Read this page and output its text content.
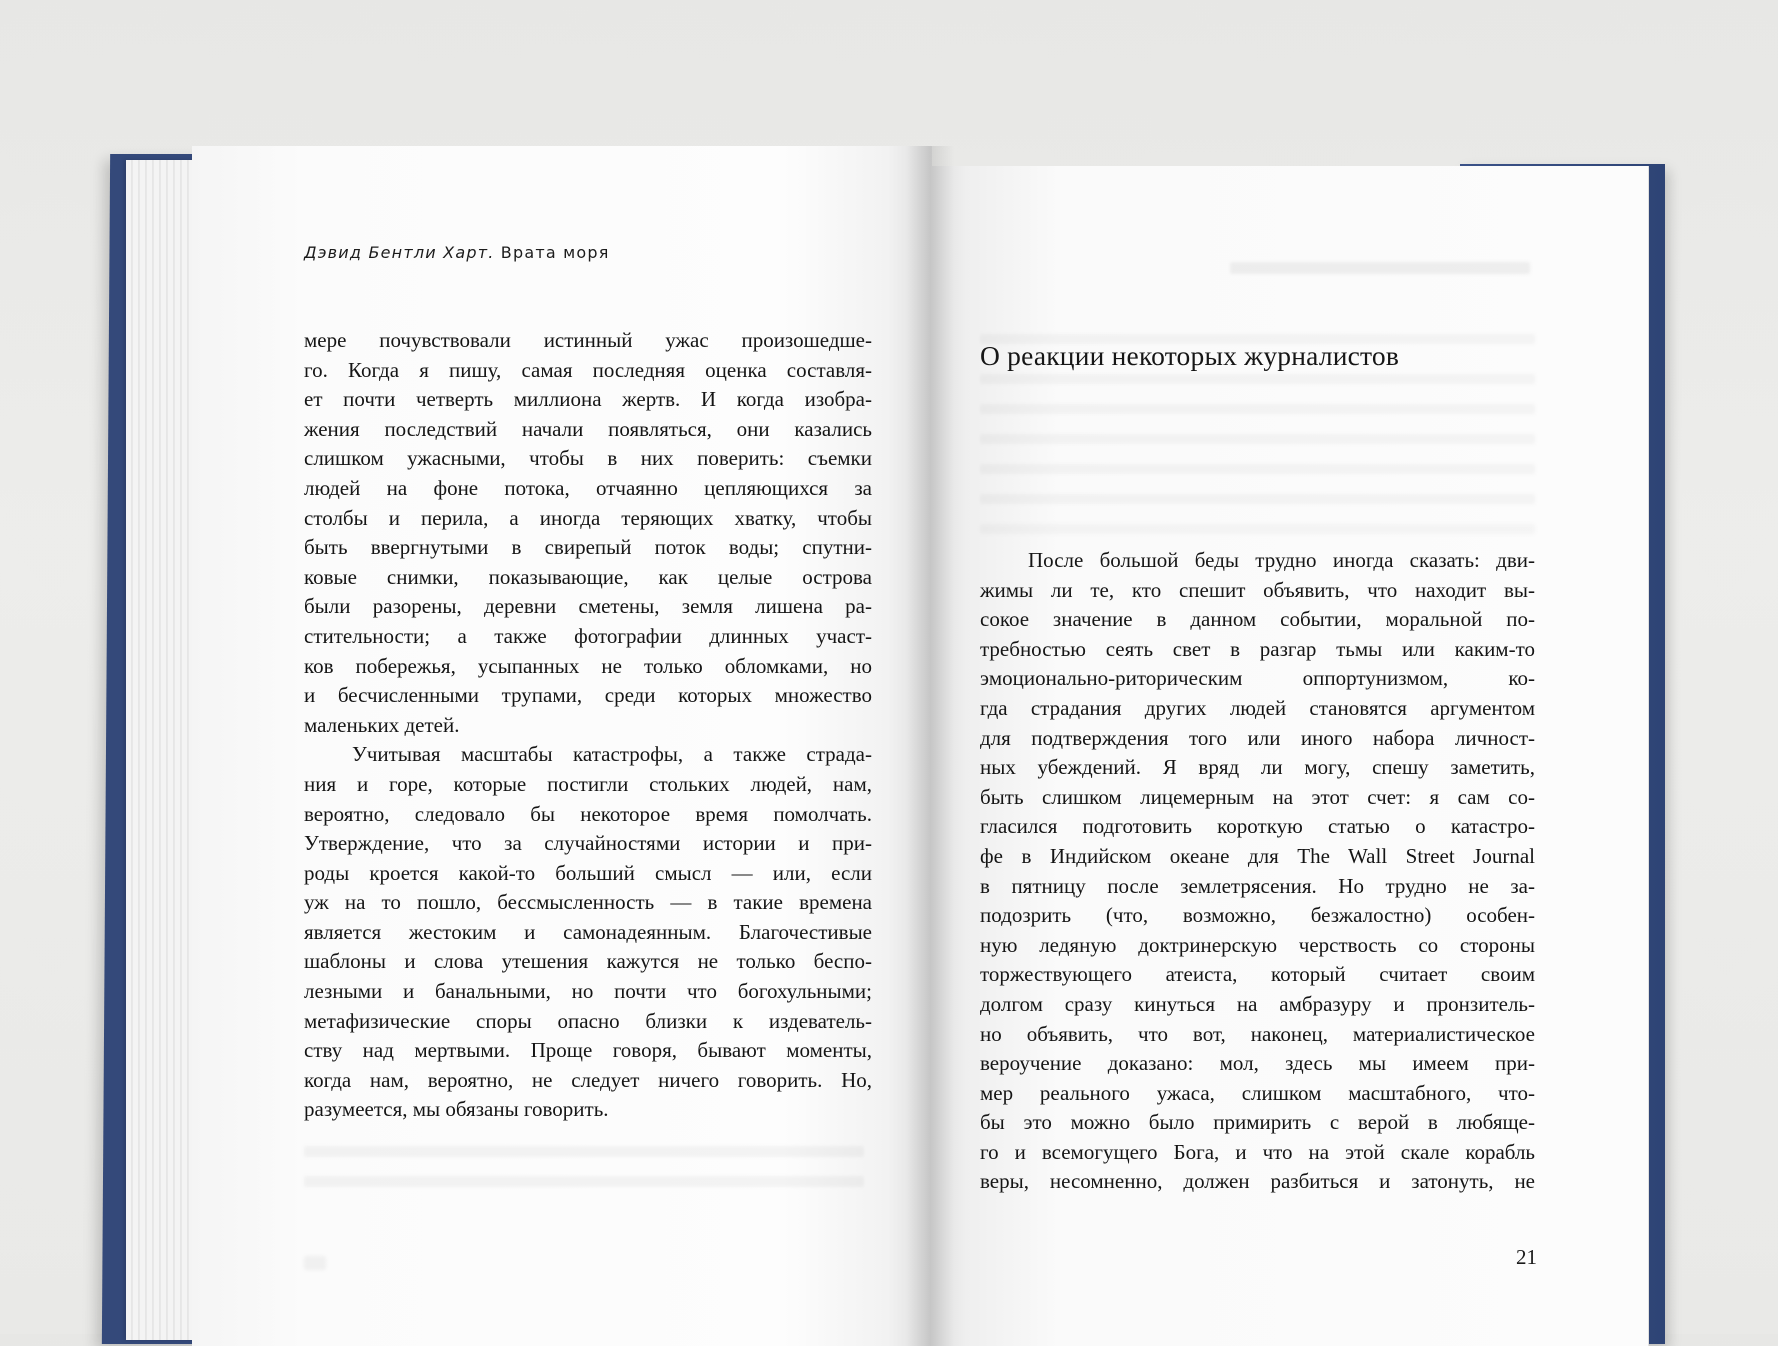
Дэвид Бентли Харт. Врата моря
мере почувствовали истинный ужас произошедше-
го. Когда я пишу, самая последняя оценка составля-
ет почти четверть миллиона жертв. И когда изобра-
жения последствий начали появляться, они казались
слишком ужасными, чтобы в них поверить: съемки
людей на фоне потока, отчаянно цепляющихся за
столбы и перила, а иногда теряющих хватку, чтобы
быть ввергнутыми в свирепый поток воды; спутни-
ковые снимки, показывающие, как целые острова
были разорены, деревни сметены, земля лишена ра-
стительности; а также фотографии длинных участ-
ков побережья, усыпанных не только обломками, но
и бесчисленными трупами, среди которых множество
маленьких детей.
Учитывая масштабы катастрофы, а также страда-
ния и горе, которые постигли стольких людей, нам,
вероятно, следовало бы некоторое время помолчать.
Утверждение, что за случайностями истории и при-
роды кроется какой-то больший смысл — или, если
уж на то пошло, бессмысленность — в такие времена
является жестоким и самонадеянным. Благочестивые
шаблоны и слова утешения кажутся не только беспо-
лезными и банальными, но почти что богохульными;
метафизические споры опасно близки к издеватель-
ству над мертвыми. Проще говоря, бывают моменты,
когда нам, вероятно, не следует ничего говорить. Но,
разумеется, мы обязаны говорить.
О реакции некоторых журналистов
После большой беды трудно иногда сказать: дви-
жимы ли те, кто спешит объявить, что находит вы-
сокое значение в данном событии, моральной по-
требностью сеять свет в разгар тьмы или каким-то
эмоционально-риторическим оппортунизмом, ко-
гда страдания других людей становятся аргументом
для подтверждения того или иного набора личност-
ных убеждений. Я вряд ли могу, спешу заметить,
быть слишком лицемерным на этот счет: я сам со-
гласился подготовить короткую статью о катастро-
фе в Индийском океане для The Wall Street Journal
в пятницу после землетрясения. Но трудно не за-
подозрить (что, возможно, безжалостно) особен-
ную ледяную доктринерскую черствость со стороны
торжествующего атеиста, который считает своим
долгом сразу кинуться на амбразуру и пронзитель-
но объявить, что вот, наконец, материалистическое
вероучение доказано: мол, здесь мы имеем при-
мер реального ужаса, слишком масштабного, что-
бы это можно было примирить с верой в любяще-
го и всемогущего Бога, и что на этой скале корабль
веры, несомненно, должен разбиться и затонуть, не
21
